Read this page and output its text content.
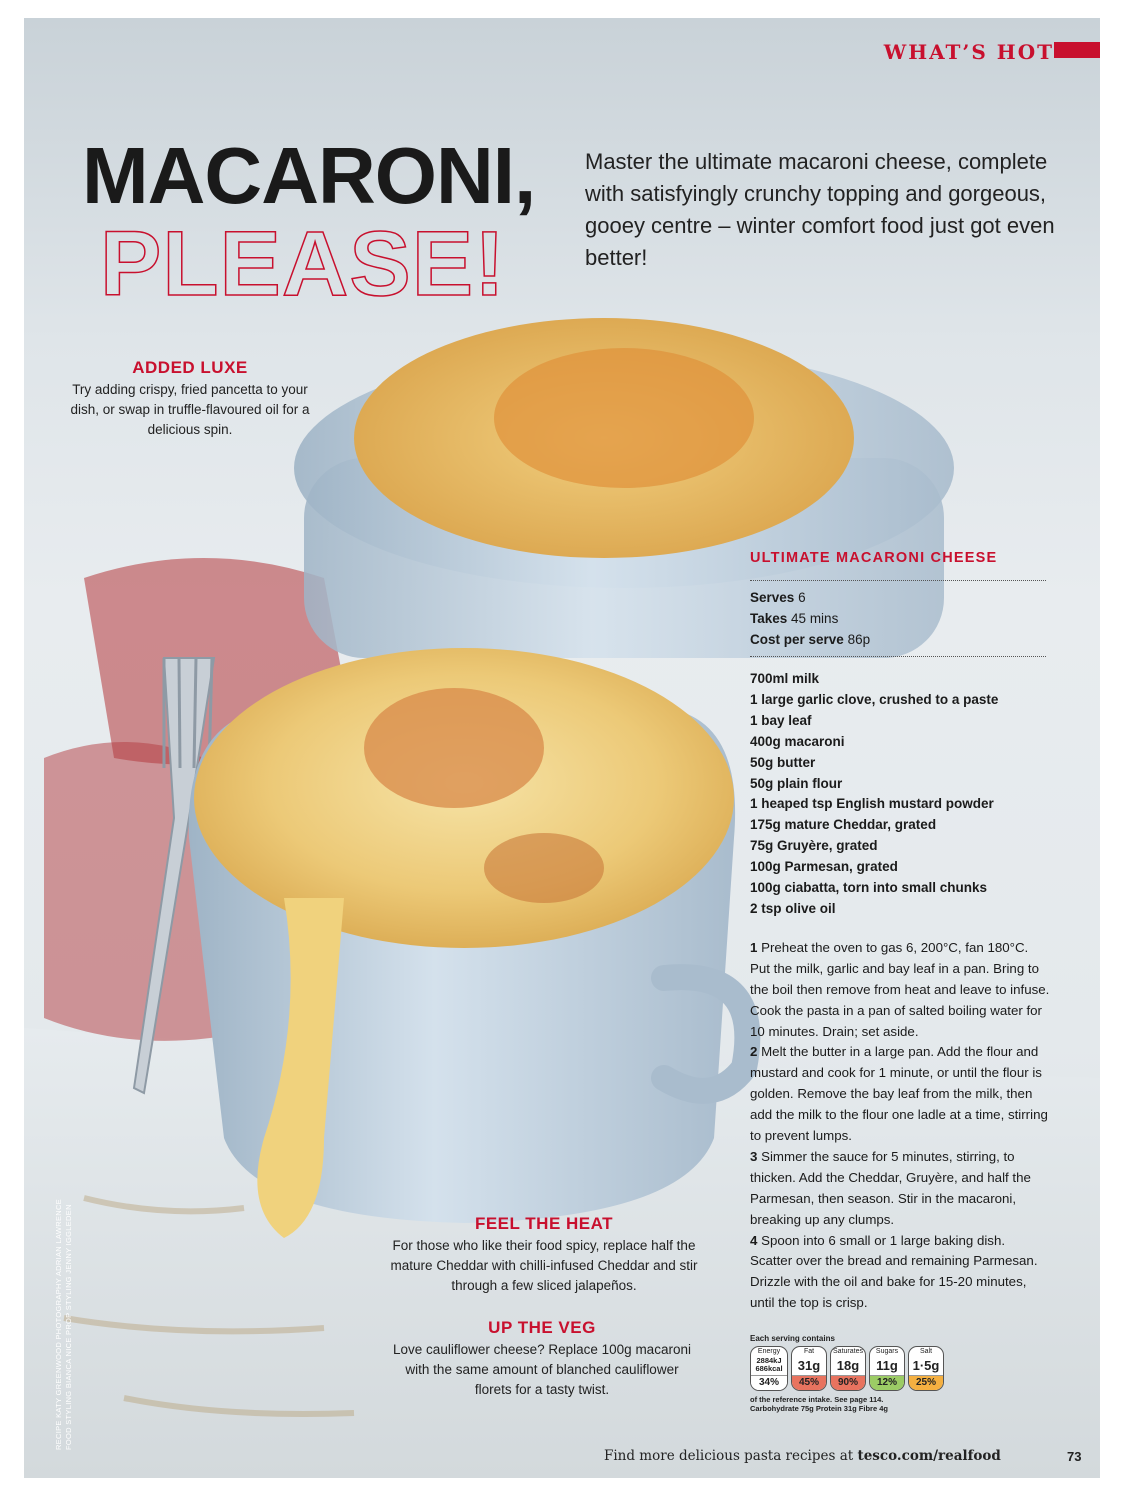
WHAT’S HOT
MACARONI,
PLEASE!
Master the ultimate macaroni cheese, complete with satisfyingly crunchy topping and gorgeous, gooey centre – winter comfort food just got even better!
ADDED LUXE
Try adding crispy, fried pancetta to your dish, or swap in truffle-flavoured oil for a delicious spin.
FEEL THE HEAT
For those who like their food spicy, replace half the mature Cheddar with chilli-infused Cheddar and stir through a few sliced jalapeños.
UP THE VEG
Love cauliflower cheese? Replace 100g macaroni with the same amount of blanched cauliflower florets for a tasty twist.
ULTIMATE MACARONI CHEESE
Serves 6
Takes 45 mins
Cost per serve 86p
700ml milk
1 large garlic clove, crushed to a paste
1 bay leaf
400g macaroni
50g butter
50g plain flour
1 heaped tsp English mustard powder
175g mature Cheddar, grated
75g Gruyère, grated
100g Parmesan, grated
100g ciabatta, torn into small chunks
2 tsp olive oil
1 Preheat the oven to gas 6, 200°C, fan 180°C. Put the milk, garlic and bay leaf in a pan. Bring to the boil then remove from heat and leave to infuse. Cook the pasta in a pan of salted boiling water for 10 minutes. Drain; set aside.
2 Melt the butter in a large pan. Add the flour and mustard and cook for 1 minute, or until the flour is golden. Remove the bay leaf from the milk, then add the milk to the flour one ladle at a time, stirring to prevent lumps.
3 Simmer the sauce for 5 minutes, stirring, to thicken. Add the Cheddar, Gruyère, and half the Parmesan, then season. Stir in the macaroni, breaking up any clumps.
4 Spoon into 6 small or 1 large baking dish. Scatter over the bread and remaining Parmesan. Drizzle with the oil and bake for 15-20 minutes, until the top is crisp.
Each serving contains
Energy
2884kJ 686kcal
34%
Fat
31g
45%
Saturates
18g
90%
Sugars
11g
12%
Salt
1·5g
25%
of the reference intake. See page 114.
Carbohydrate 75g Protein 31g Fibre 4g
RECIPE KATY GREENWOOD PHOTOGRAPHY ADRIAN LAWRENCE FOOD STYLING BIANCA NICE PROP STYLING JENNY IGGLEDEN
Find more delicious pasta recipes at tesco.com/realfood	73
